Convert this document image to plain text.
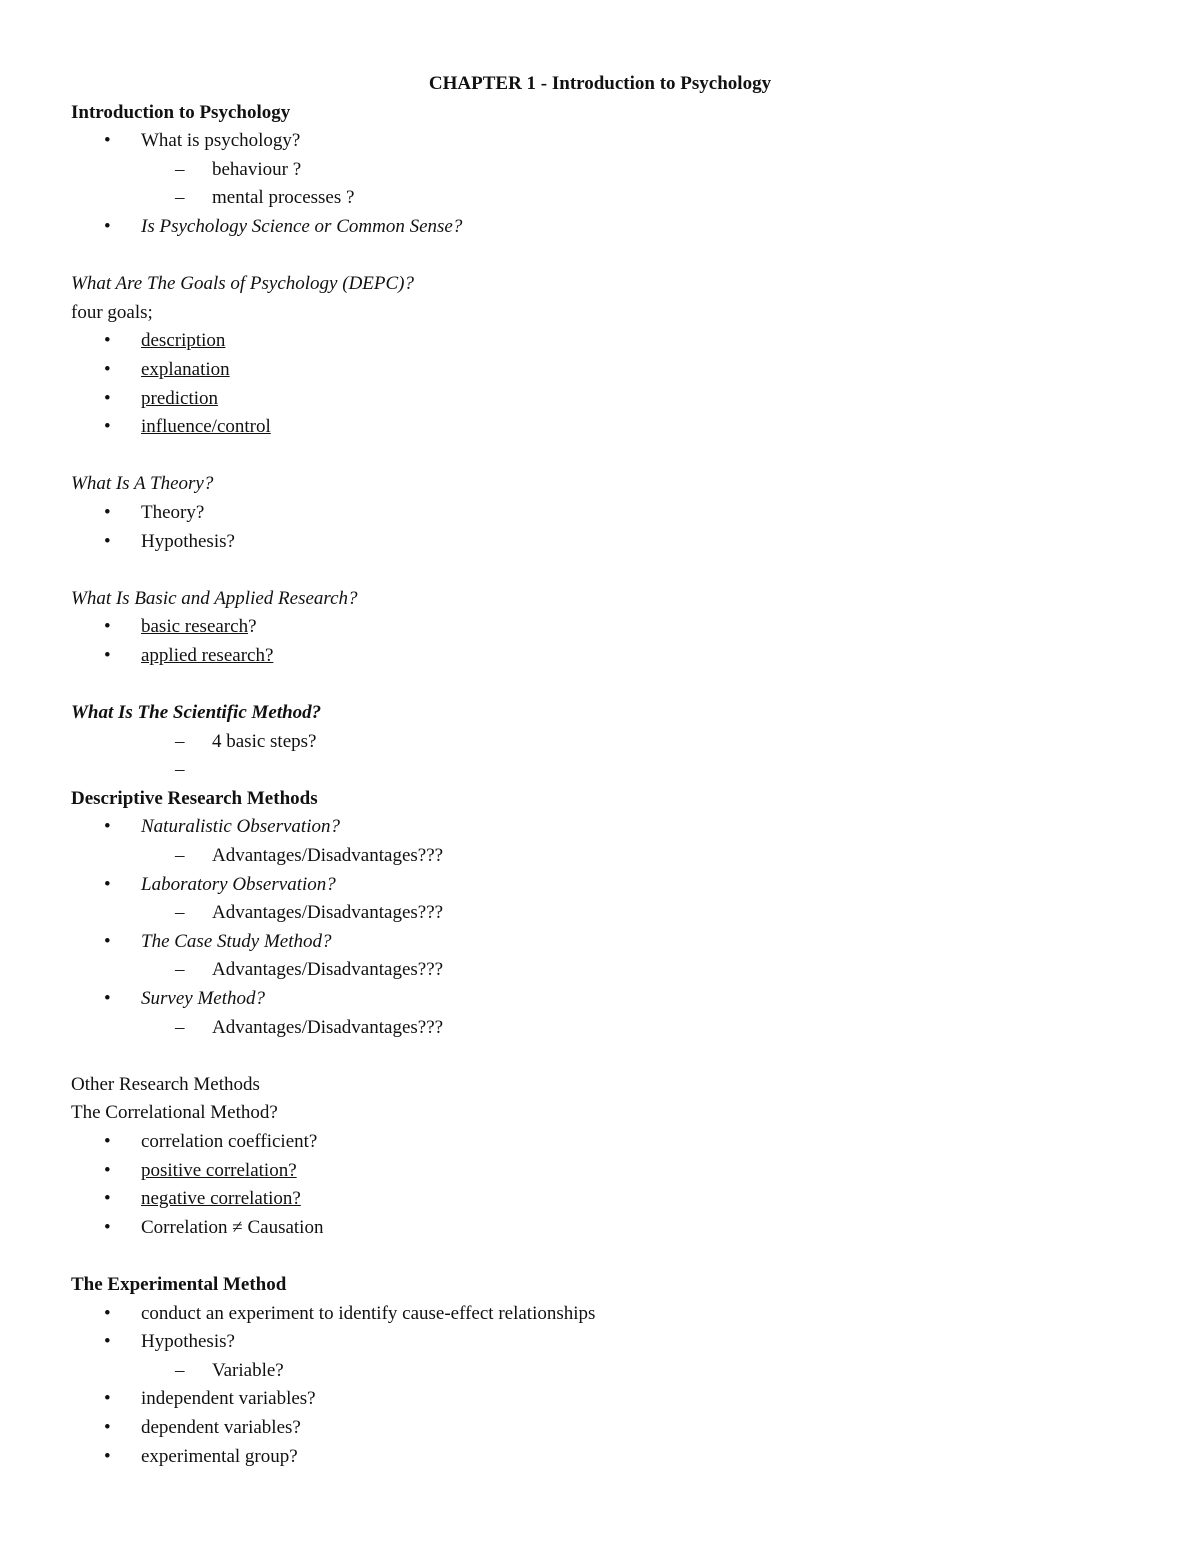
CHAPTER 1 - Introduction to Psychology
Introduction to Psychology
• What is psychology?
– behaviour ?
– mental processes ?
• Is Psychology Science or Common Sense?
What Are The Goals of Psychology (DEPC)?
four goals;
• description
• explanation
• prediction
• influence/control
What Is A Theory?
• Theory?
• Hypothesis?
What Is Basic and Applied Research?
• basic research?
• applied research?
What Is The Scientific Method?
– 4 basic steps?
–
Descriptive Research Methods
• Naturalistic Observation?
– Advantages/Disadvantages???
• Laboratory Observation?
– Advantages/Disadvantages???
• The Case Study Method?
– Advantages/Disadvantages???
• Survey Method?
– Advantages/Disadvantages???
Other Research Methods
The Correlational Method?
• correlation coefficient?
• positive correlation?
• negative correlation?
• Correlation ≠ Causation
The Experimental Method
• conduct an experiment to identify cause-effect relationships
• Hypothesis?
– Variable?
• independent variables?
• dependent variables?
• experimental group?
